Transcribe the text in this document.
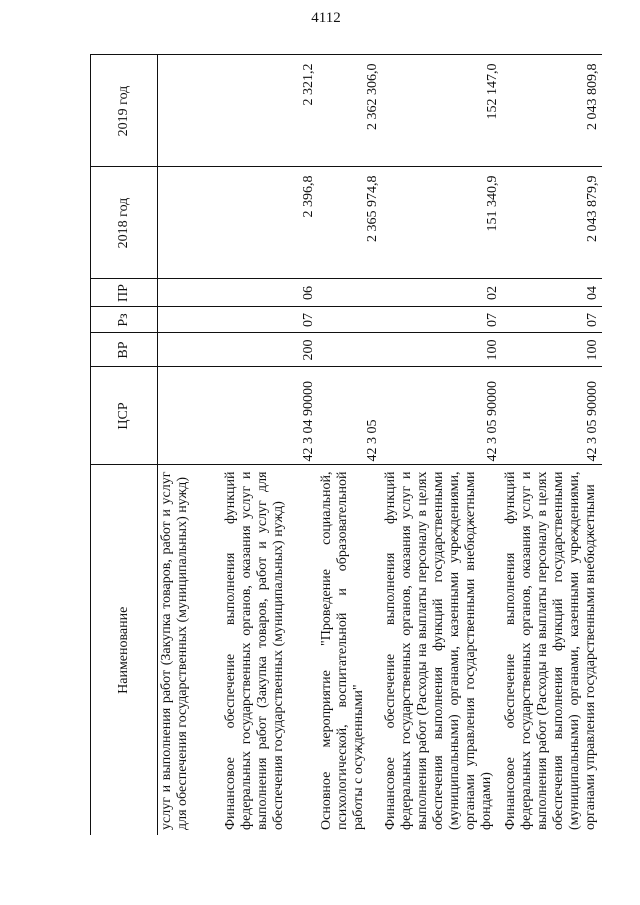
4112
Наименование	ЦСР	ВР	Рз	ПР	2018 год	2019 год
услуг и выполнения работ (Закупка товаров, работ и услуг для обеспечения государственных (муниципальных) нужд)						
Финансовое обеспечение выполнения функций федеральных государственных органов, оказания услуг и выполнения работ (Закупка товаров, работ и услуг для обеспечения государственных (муниципальных) нужд)	42 3 04 90000	200	07	06	2 396,8	2 321,2
Основное мероприятие "Проведение социальной, психологической, воспитательной и образовательной работы с осужденными"	42 3 05				2 365 974,8	2 362 306,0
Финансовое обеспечение выполнения функций федеральных государственных органов, оказания услуг и выполнения работ (Расходы на выплаты персоналу в целях обеспечения выполнения функций государственными (муниципальными) органами, казенными учреждениями, органами управления государственными внебюджетными фондами)	42 3 05 90000	100	07	02	151 340,9	152 147,0
Финансовое обеспечение выполнения функций федеральных государственных органов, оказания услуг и выполнения работ (Расходы на выплаты персоналу в целях обеспечения выполнения функций государственными (муниципальными) органами, казенными учреждениями, органами управления государственными внебюджетными	42 3 05 90000	100	07	04	2 043 879,9	2 043 809,8
